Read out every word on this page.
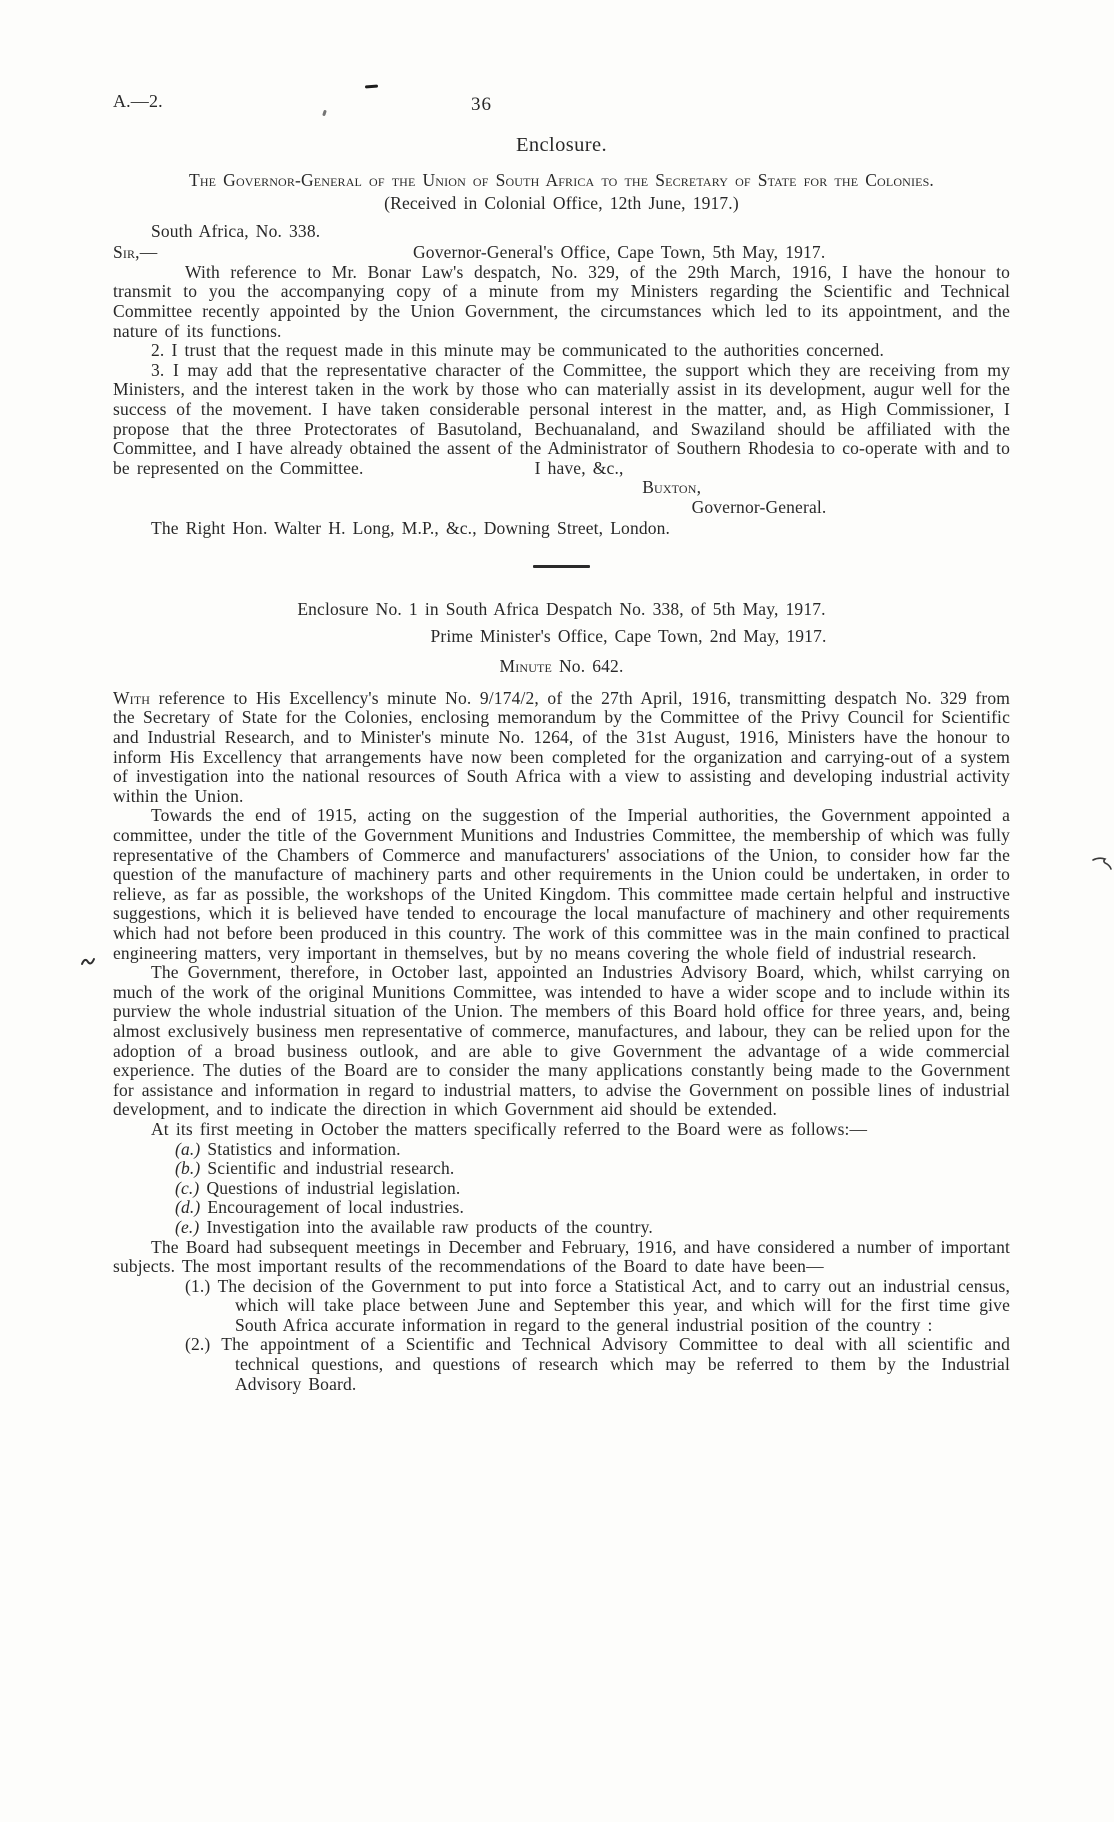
A.—2.	36
Enclosure.
The Governor-General of the Union of South Africa to the Secretary of State for the Colonies.
(Received in Colonial Office, 12th June, 1917.)
South Africa, No. 338.
Sir,—	Governor-General's Office, Cape Town, 5th May, 1917.

With reference to Mr. Bonar Law's despatch, No. 329, of the 29th March, 1916, I have the honour to transmit to you the accompanying copy of a minute from my Ministers regarding the Scientific and Technical Committee recently appointed by the Union Government, the circumstances which led to its appointment, and the nature of its functions.

2. I trust that the request made in this minute may be communicated to the authorities concerned.

3. I may add that the representative character of the Committee, the support which they are receiving from my Ministers, and the interest taken in the work by those who can materially assist in its development, augur well for the success of the movement. I have taken considerable personal interest in the matter, and, as High Commissioner, I propose that the three Protectorates of Basutoland, Bechuanaland, and Swaziland should be affiliated with the Committee, and I have already obtained the assent of the Administrator of Southern Rhodesia to co-operate with and to be represented on the Committee.	I have, &c.,
Buxton,
Governor-General.
The Right Hon. Walter H. Long, M.P., &c., Downing Street, London.
Enclosure No. 1 in South Africa Despatch No. 338, of 5th May, 1917.
Prime Minister's Office, Cape Town, 2nd May, 1917.
Minute No. 642.

With reference to His Excellency's minute No. 9/174/2, of the 27th April, 1916, transmitting despatch No. 329 from the Secretary of State for the Colonies, enclosing memorandum by the Committee of the Privy Council for Scientific and Industrial Research, and to Minister's minute No. 1264, of the 31st August, 1916, Ministers have the honour to inform His Excellency that arrangements have now been completed for the organization and carrying-out of a system of investigation into the national resources of South Africa with a view to assisting and developing industrial activity within the Union.

Towards the end of 1915, acting on the suggestion of the Imperial authorities, the Government appointed a committee, under the title of the Government Munitions and Industries Committee, the membership of which was fully representative of the Chambers of Commerce and manufacturers' associations of the Union, to consider how far the question of the manufacture of machinery parts and other requirements in the Union could be undertaken, in order to relieve, as far as possible, the workshops of the United Kingdom. This committee made certain helpful and instructive suggestions, which it is believed have tended to encourage the local manufacture of machinery and other requirements which had not before been produced in this country. The work of this committee was in the main confined to practical engineering matters, very important in themselves, but by no means covering the whole field of industrial research.

The Government, therefore, in October last, appointed an Industries Advisory Board, which, whilst carrying on much of the work of the original Munitions Committee, was intended to have a wider scope and to include within its purview the whole industrial situation of the Union. The members of this Board hold office for three years, and, being almost exclusively business men representative of commerce, manufactures, and labour, they can be relied upon for the adoption of a broad business outlook, and are able to give Government the advantage of a wide commercial experience. The duties of the Board are to consider the many applications constantly being made to the Government for assistance and information in regard to industrial matters, to advise the Government on possible lines of industrial development, and to indicate the direction in which Government aid should be extended.

At its first meeting in October the matters specifically referred to the Board were as follows:—

(a.) Statistics and information.
(b.) Scientific and industrial research.
(c.) Questions of industrial legislation.
(d.) Encouragement of local industries.
(e.) Investigation into the available raw products of the country.

The Board had subsequent meetings in December and February, 1916, and have considered a number of important subjects. The most important results of the recommendations of the Board to date have been—

(1.) The decision of the Government to put into force a Statistical Act, and to carry out an industrial census, which will take place between June and September this year, and which will for the first time give South Africa accurate information in regard to the general industrial position of the country :
(2.) The appointment of a Scientific and Technical Advisory Committee to deal with all scientific and technical questions, and questions of research which may be referred to them by the Industrial Advisory Board.
